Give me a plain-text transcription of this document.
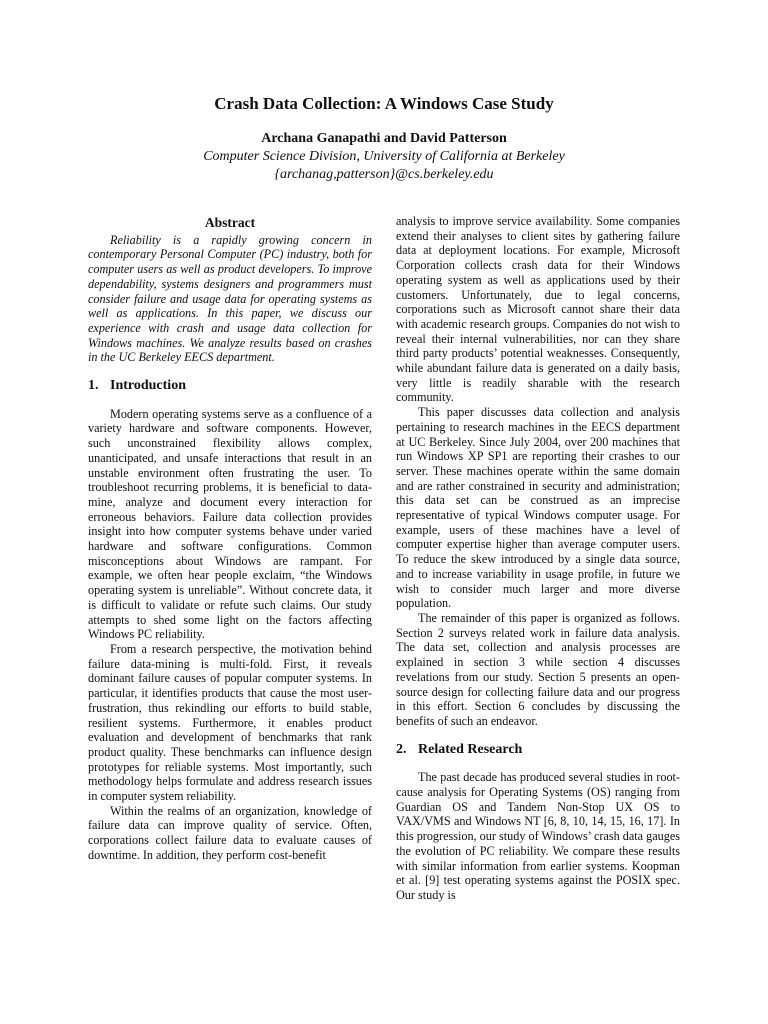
Crash Data Collection: A Windows Case Study
Archana Ganapathi and David Patterson
Computer Science Division, University of California at Berkeley
{archanag,patterson}@cs.berkeley.edu
Abstract

Reliability is a rapidly growing concern in contemporary Personal Computer (PC) industry, both for computer users as well as product developers. To improve dependability, systems designers and programmers must consider failure and usage data for operating systems as well as applications. In this paper, we discuss our experience with crash and usage data collection for Windows machines. We analyze results based on crashes in the UC Berkeley EECS department.

1. Introduction

Modern operating systems serve as a confluence of a variety hardware and software components. However, such unconstrained flexibility allows complex, unanticipated, and unsafe interactions that result in an unstable environment often frustrating the user. To troubleshoot recurring problems, it is beneficial to data-mine, analyze and document every interaction for erroneous behaviors. Failure data collection provides insight into how computer systems behave under varied hardware and software configurations. Common misconceptions about Windows are rampant. For example, we often hear people exclaim, “the Windows operating system is unreliable”. Without concrete data, it is difficult to validate or refute such claims. Our study attempts to shed some light on the factors affecting Windows PC reliability.

From a research perspective, the motivation behind failure data-mining is multi-fold. First, it reveals dominant failure causes of popular computer systems. In particular, it identifies products that cause the most user-frustration, thus rekindling our efforts to build stable, resilient systems. Furthermore, it enables product evaluation and development of benchmarks that rank product quality. These benchmarks can influence design prototypes for reliable systems. Most importantly, such methodology helps formulate and address research issues in computer system reliability.

Within the realms of an organization, knowledge of failure data can improve quality of service. Often, corporations collect failure data to evaluate causes of downtime. In addition, they perform cost-benefit

analysis to improve service availability. Some companies extend their analyses to client sites by gathering failure data at deployment locations. For example, Microsoft Corporation collects crash data for their Windows operating system as well as applications used by their customers. Unfortunately, due to legal concerns, corporations such as Microsoft cannot share their data with academic research groups. Companies do not wish to reveal their internal vulnerabilities, nor can they share third party products’ potential weaknesses. Consequently, while abundant failure data is generated on a daily basis, very little is readily sharable with the research community.

This paper discusses data collection and analysis pertaining to research machines in the EECS department at UC Berkeley. Since July 2004, over 200 machines that run Windows XP SP1 are reporting their crashes to our server. These machines operate within the same domain and are rather constrained in security and administration; this data set can be construed as an imprecise representative of typical Windows computer usage. For example, users of these machines have a level of computer expertise higher than average computer users. To reduce the skew introduced by a single data source, and to increase variability in usage profile, in future we wish to consider much larger and more diverse population.

The remainder of this paper is organized as follows. Section 2 surveys related work in failure data analysis. The data set, collection and analysis processes are explained in section 3 while section 4 discusses revelations from our study. Section 5 presents an open-source design for collecting failure data and our progress in this effort. Section 6 concludes by discussing the benefits of such an endeavor.

2. Related Research

The past decade has produced several studies in root-cause analysis for Operating Systems (OS) ranging from Guardian OS and Tandem Non-Stop UX OS to VAX/VMS and Windows NT [6, 8, 10, 14, 15, 16, 17]. In this progression, our study of Windows’ crash data gauges the evolution of PC reliability. We compare these results with similar information from earlier systems. Koopman et al. [9] test operating systems against the POSIX spec. Our study is
